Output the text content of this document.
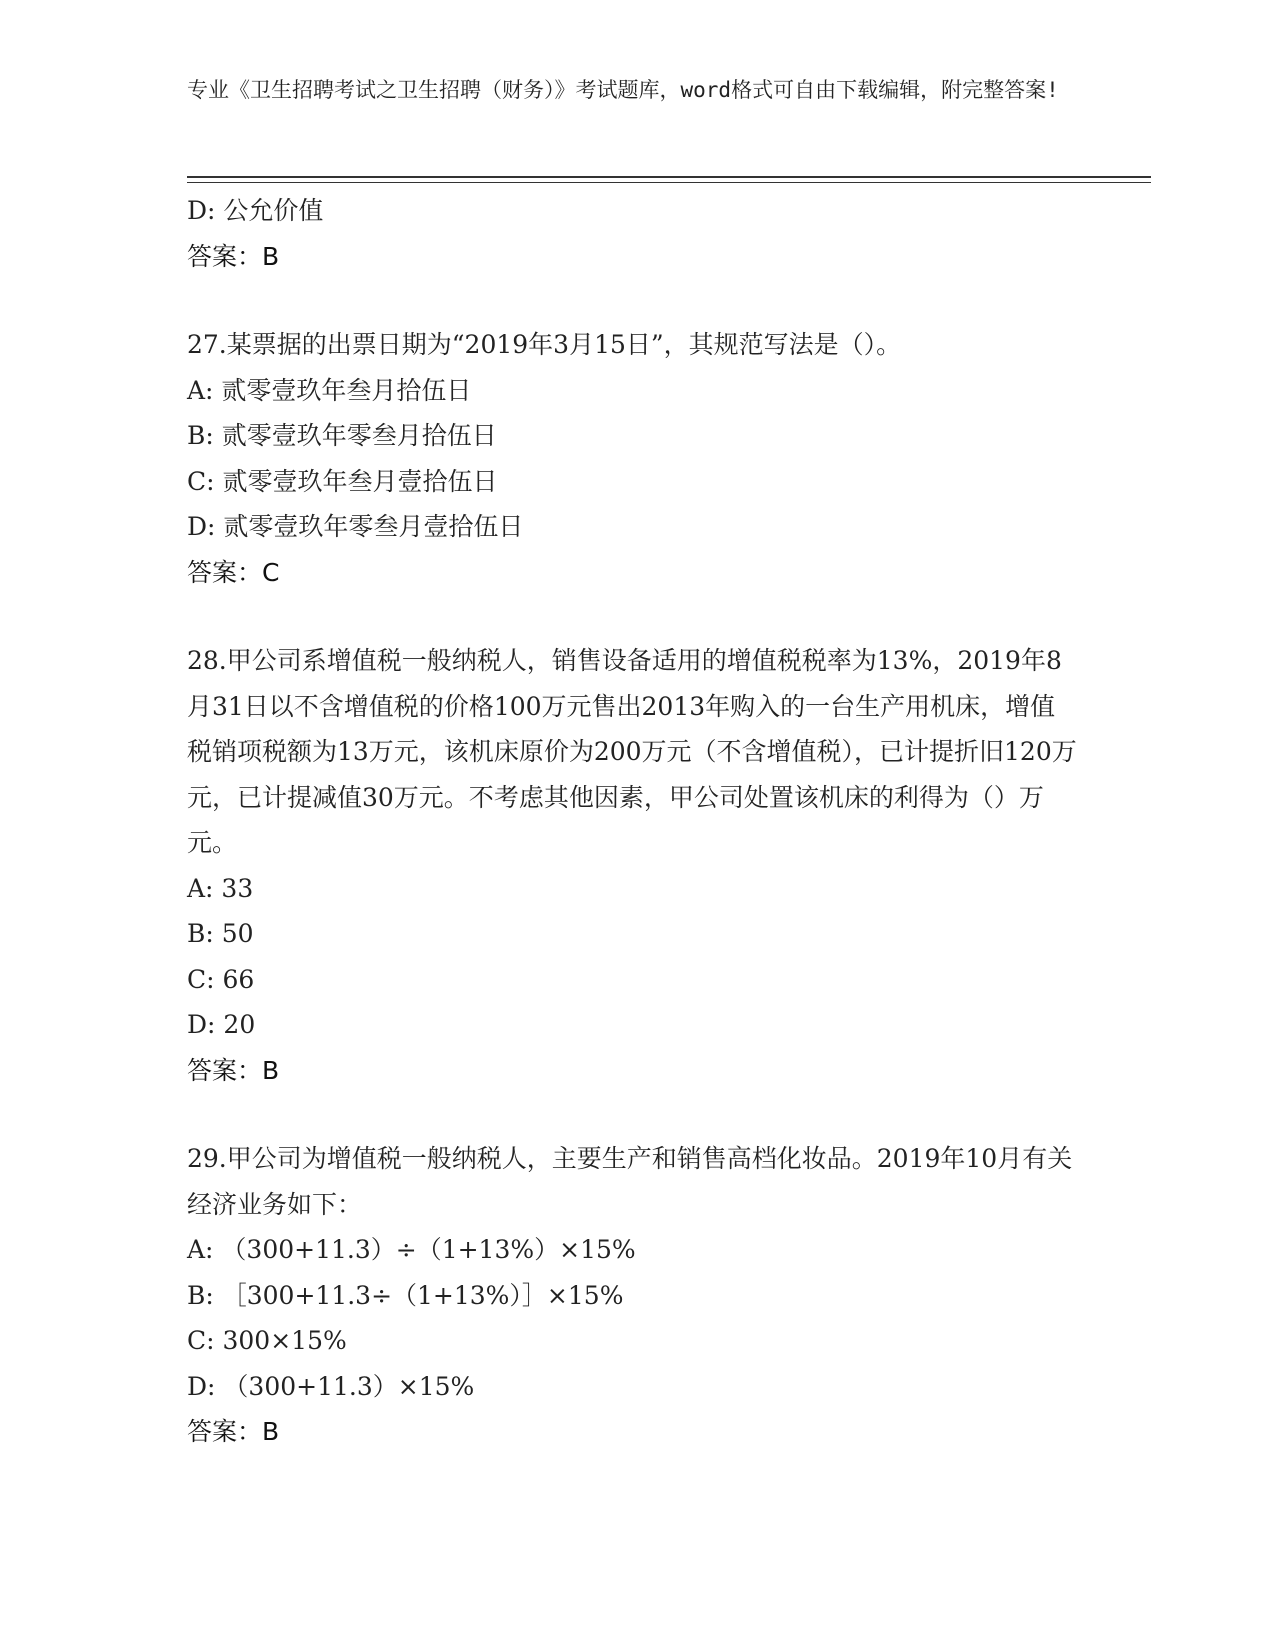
专业《卫生招聘考试之卫生招聘（财务）》考试题库，word格式可自由下载编辑，附完整答案!

D: 公允价值

答案：B

27.某票据的出票日期为“2019年3月15日”，其规范写法是（）。

A: 贰零壹玖年叁月拾伍日

B: 贰零壹玖年零叁月拾伍日

C: 贰零壹玖年叁月壹拾伍日

D: 贰零壹玖年零叁月壹拾伍日

答案：C

28.甲公司系增值税一般纳税人，销售设备适用的增值税税率为13%，2019年8月31日以不含增值税的价格100万元售出2013年购入的一台生产用机床，增值税销项税额为13万元，该机床原价为200万元（不含增值税），已计提折旧120万元，已计提减值30万元。不考虑其他因素，甲公司处置该机床的利得为（）万元。

A: 33

B: 50

C: 66

D: 20

答案：B

29.甲公司为增值税一般纳税人，主要生产和销售高档化妆品。2019年10月有关经济业务如下：

A: （300+11.3）÷（1+13%）×15%

B: ［300+11.3÷（1+13%）］×15%

C: 300×15%

D: （300+11.3）×15%

答案：B
